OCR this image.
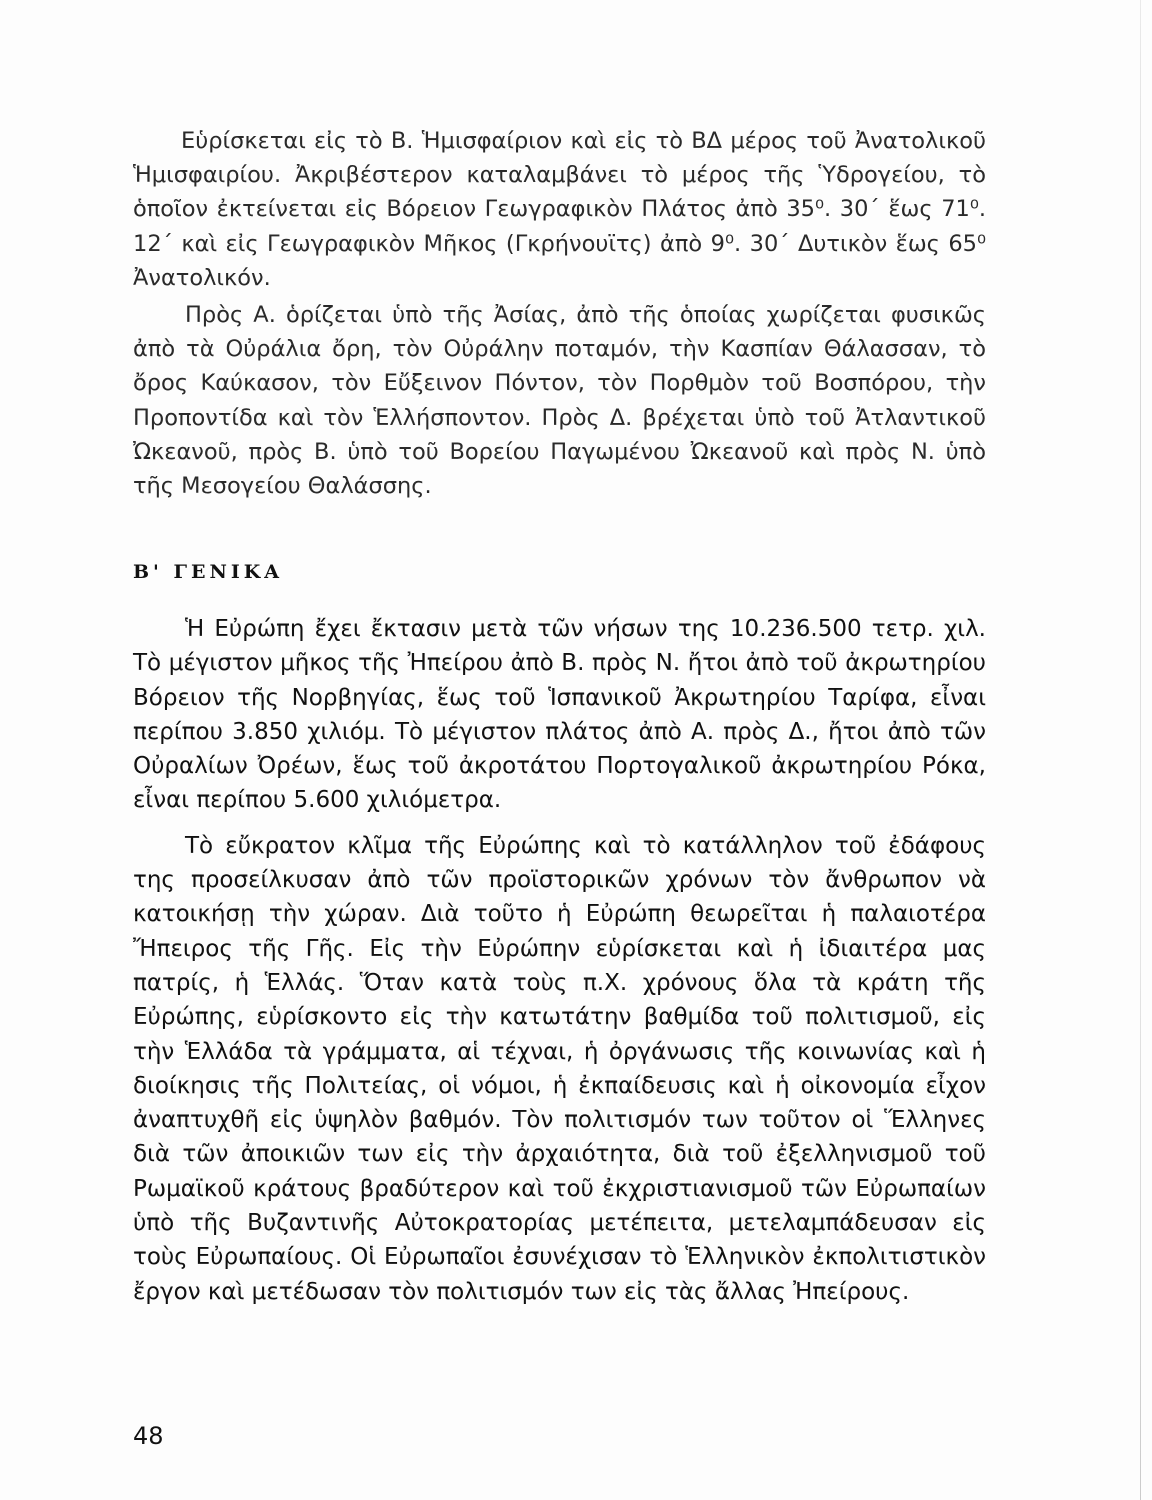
Εὑρίσκεται εἰς τὸ Β. Ἡμισφαίριον καὶ εἰς τὸ ΒΔ μέρος τοῦ Ἀνατολικοῦ Ἡμισφαιρίου. Ἀκριβέστερον καταλαμβάνει τὸ μέρος τῆς Ὑδρογείου, τὸ ὁποῖον ἐκτείνεται εἰς Βόρειον Γεωγραφικὸν Πλάτος ἀπὸ 35⁰. 30΄ ἕως 71⁰. 12΄ καὶ εἰς Γεωγραφικὸν Μῆκος (Γκρήνουϊτς) ἀπὸ 9⁰. 30΄ Δυτικὸν ἕως 65⁰ Ἀνατολικόν.

Πρὸς Α. ὁρίζεται ὑπὸ τῆς Ἀσίας, ἀπὸ τῆς ὁποίας χωρίζεται φυσικῶς ἀπὸ τὰ Οὐράλια ὄρη, τὸν Οὐράλην ποταμόν, τὴν Κασπίαν Θάλασσαν, τὸ ὄρος Καύκασον, τὸν Εὔξεινον Πόντον, τὸν Πορθμὸν τοῦ Βοσπόρου, τὴν Προποντίδα καὶ τὸν Ἑλλήσποντον. Πρὸς Δ. βρέχεται ὑπὸ τοῦ Ἀτλαντικοῦ Ὠκεανοῦ, πρὸς Β. ὑπὸ τοῦ Βορείου Παγωμένου Ὠκεανοῦ καὶ πρὸς Ν. ὑπὸ τῆς Μεσογείου Θαλάσσης.

Β' ΓΕΝΙΚΑ

Ἡ Εὐρώπη ἔχει ἔκτασιν μετὰ τῶν νήσων της 10.236.500 τετρ. χιλ. Τὸ μέγιστον μῆκος τῆς Ἠπείρου ἀπὸ Β. πρὸς Ν. ἤτοι ἀπὸ τοῦ ἀκρωτηρίου Βόρειον τῆς Νορβηγίας, ἕως τοῦ Ἱσπανικοῦ Ἀκρωτηρίου Ταρίφα, εἶναι περίπου 3.850 χιλιόμ. Τὸ μέγιστον πλάτος ἀπὸ Α. πρὸς Δ., ἤτοι ἀπὸ τῶν Οὐραλίων Ὀρέων, ἕως τοῦ ἀκροτάτου Πορτογαλικοῦ ἀκρωτηρίου Ρόκα, εἶναι περίπου 5.600 χιλιόμετρα.

Τὸ εὔκρατον κλῖμα τῆς Εὐρώπης καὶ τὸ κατάλληλον τοῦ ἐδάφους της προσείλκυσαν ἀπὸ τῶν προϊστορικῶν χρόνων τὸν ἄνθρωπον νὰ κατοικήσῃ τὴν χώραν. Διὰ τοῦτο ἡ Εὐρώπη θεωρεῖται ἡ παλαιοτέρα Ἤπειρος τῆς Γῆς. Εἰς τὴν Εὐρώπην εὑρίσκεται καὶ ἡ ἰδιαιτέρα μας πατρίς, ἡ Ἑλλάς. Ὅταν κατὰ τοὺς π.Χ. χρόνους ὅλα τὰ κράτη τῆς Εὐρώπης, εὑρίσκοντο εἰς τὴν κατωτάτην βαθμίδα τοῦ πολιτισμοῦ, εἰς τὴν Ἑλλάδα τὰ γράμματα, αἱ τέχναι, ἡ ὀργάνωσις τῆς κοινωνίας καὶ ἡ διοίκησις τῆς Πολιτείας, οἱ νόμοι, ἡ ἐκπαίδευσις καὶ ἡ οἰκονομία εἶχον ἀναπτυχθῆ εἰς ὑψηλὸν βαθμόν. Τὸν πολιτισμόν των τοῦτον οἱ Ἕλληνες διὰ τῶν ἀποικιῶν των εἰς τὴν ἀρχαιότητα, διὰ τοῦ ἐξελληνισμοῦ τοῦ Ρωμαϊκοῦ κράτους βραδύτερον καὶ τοῦ ἐκχριστιανισμοῦ τῶν Εὐρωπαίων ὑπὸ τῆς Βυζαντινῆς Αὐτοκρατορίας μετέπειτα, μετελαμπάδευσαν εἰς τοὺς Εὐρωπαίους. Οἱ Εὐρωπαῖοι ἐσυνέχισαν τὸ Ἑλληνικὸν ἐκπολιτιστικὸν ἔργον καὶ μετέδωσαν τὸν πολιτισμόν των εἰς τὰς ἄλλας Ἠπείρους.

48
